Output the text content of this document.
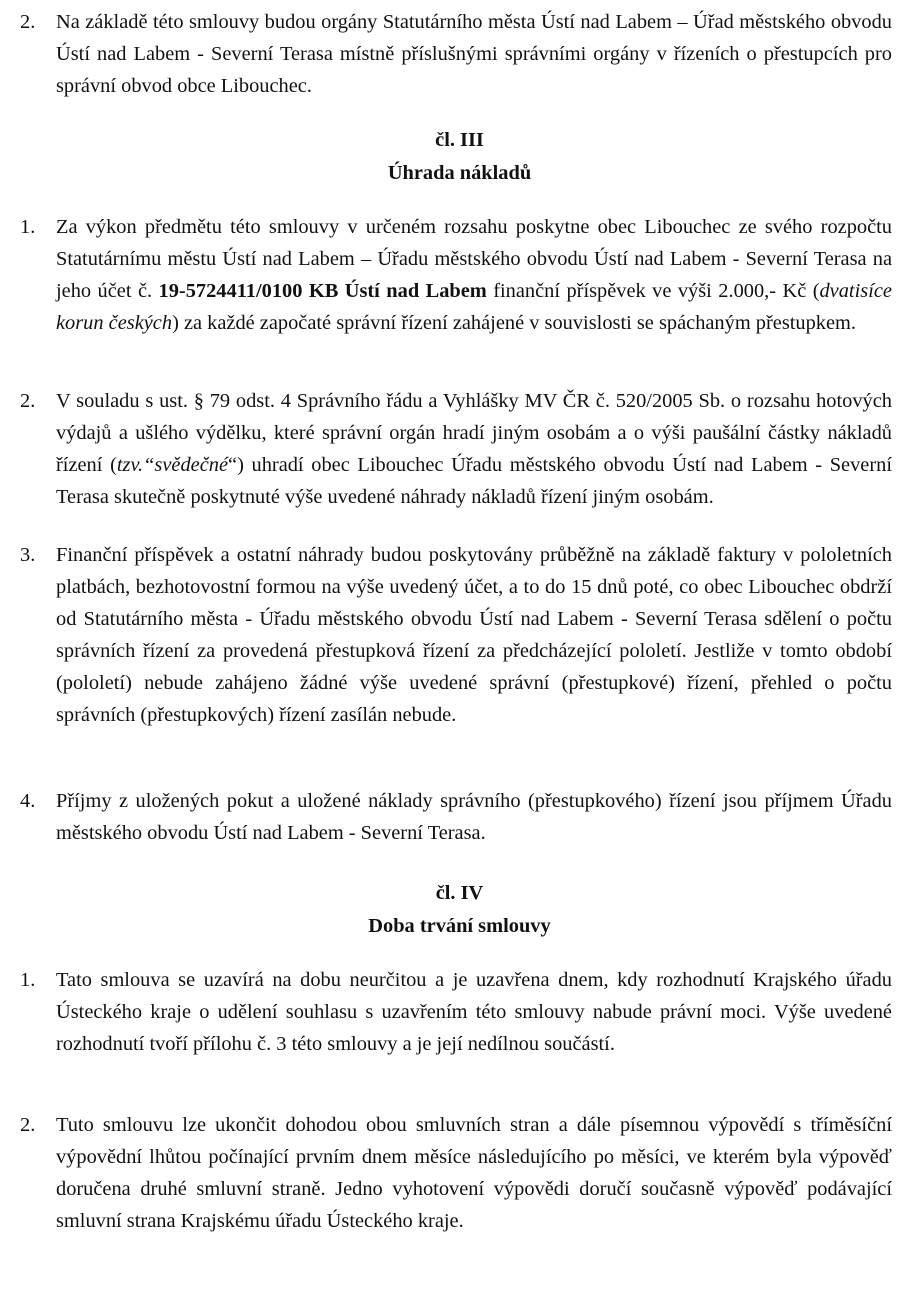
2.	Na základě této smlouvy budou orgány Statutárního města Ústí nad Labem – Úřad městského obvodu Ústí nad Labem - Severní Terasa místně příslušnými správními orgány v řízeních o přestupcích pro správní obvod obce Libouchec.
čl. III
Úhrada nákladů
1.	Za výkon předmětu této smlouvy v určeném rozsahu poskytne obec Libouchec ze svého rozpočtu Statutárnímu městu Ústí nad Labem – Úřadu městského obvodu Ústí nad Labem - Severní Terasa na jeho účet č. 19-5724411/0100 KB Ústí nad Labem finanční příspěvek ve výši 2.000,- Kč (dvatisíce korun českých) za každé započaté správní řízení zahájené v souvislosti se spáchaným přestupkem.
2.	V souladu s ust. § 79 odst. 4 Správního řádu a Vyhlášky MV ČR č. 520/2005 Sb. o rozsahu hotových výdajů a ušlého výdělku, které správní orgán hradí jiným osobám a o výši paušální částky nákladů řízení (tzv.“svědečné“) uhradí obec Libouchec Úřadu městského obvodu Ústí nad Labem - Severní Terasa skutečně poskytnuté výše uvedené náhrady nákladů řízení jiným osobám.
3.	Finanční příspěvek a ostatní náhrady budou poskytovány průběžně na základě faktury v pololetních platbách, bezhotovostní formou na výše uvedený účet, a to do 15 dnů poté, co obec Libouchec obdrží od Statutárního města - Úřadu městského obvodu Ústí nad Labem - Severní Terasa sdělení o počtu správních řízení za provedená přestupková řízení za předcházející pololetí. Jestliže v tomto období (pololetí) nebude zahájeno žádné výše uvedené správní (přestupkové) řízení, přehled o počtu správních (přestupkových) řízení zasílán nebude.
4.	Příjmy z uložených pokut a uložené náklady správního (přestupkového) řízení jsou příjmem Úřadu městského obvodu Ústí nad Labem - Severní Terasa.
čl. IV
Doba trvání smlouvy
1.	Tato smlouva se uzavírá na dobu neurčitou a je uzavřena dnem, kdy rozhodnutí Krajského úřadu Ústeckého kraje o udělení souhlasu s uzavřením této smlouvy nabude právní moci. Výše uvedené rozhodnutí tvoří přílohu č. 3 této smlouvy a je její nedílnou součástí.
2.	Tuto smlouvu lze ukončit dohodou obou smluvních stran a dále písemnou výpovědí s tříměsíční výpovědní lhůtou počínající prvním dnem měsíce následujícího po měsíci, ve kterém byla výpověď doručena druhé smluvní straně. Jedno vyhotovení výpovědi doručí současně výpověď podávající smluvní strana Krajskému úřadu Ústeckého kraje.
